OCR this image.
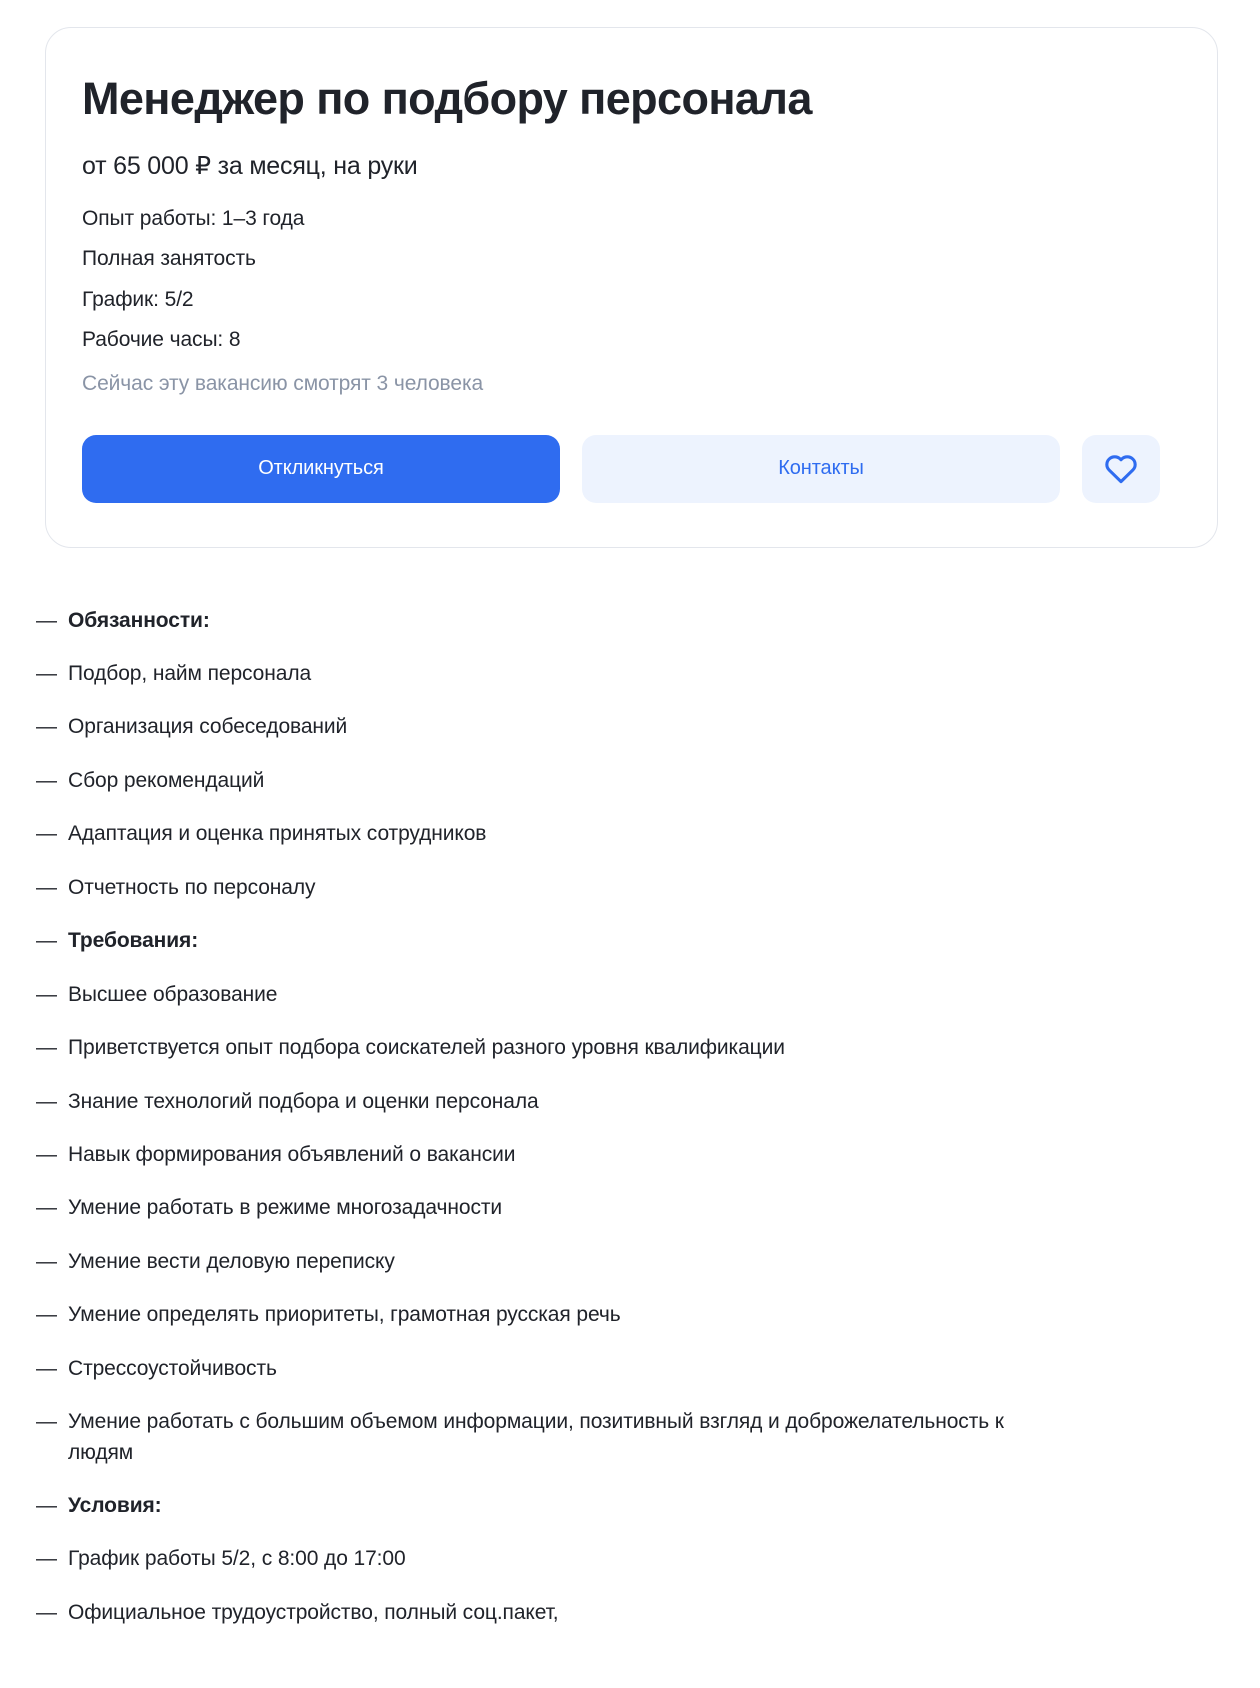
Менеджер по подбору персонала
от 65 000 ₽ за месяц, на руки
Опыт работы: 1–3 года
Полная занятость
График: 5/2
Рабочие часы: 8
Сейчас эту вакансию смотрят 3 человека
Откликнуться	Контакты
— Обязанности:
— Подбор, найм персонала
— Организация собеседований
— Сбор рекомендаций
— Адаптация и оценка принятых сотрудников
— Отчетность по персоналу
— Требования:
— Высшее образование
— Приветствуется опыт подбора соискателей разного уровня квалификации
— Знание технологий подбора и оценки персонала
— Навык формирования объявлений о вакансии
— Умение работать в режиме многозадачности
— Умение вести деловую переписку
— Умение определять приоритеты, грамотная русская речь
— Стрессоустойчивость
— Умение работать с большим объемом информации, позитивный взгляд и доброжелательность к людям
— Условия:
— График работы 5/2, с 8:00 до 17:00
— Официальное трудоустройство, полный соц.пакет,
